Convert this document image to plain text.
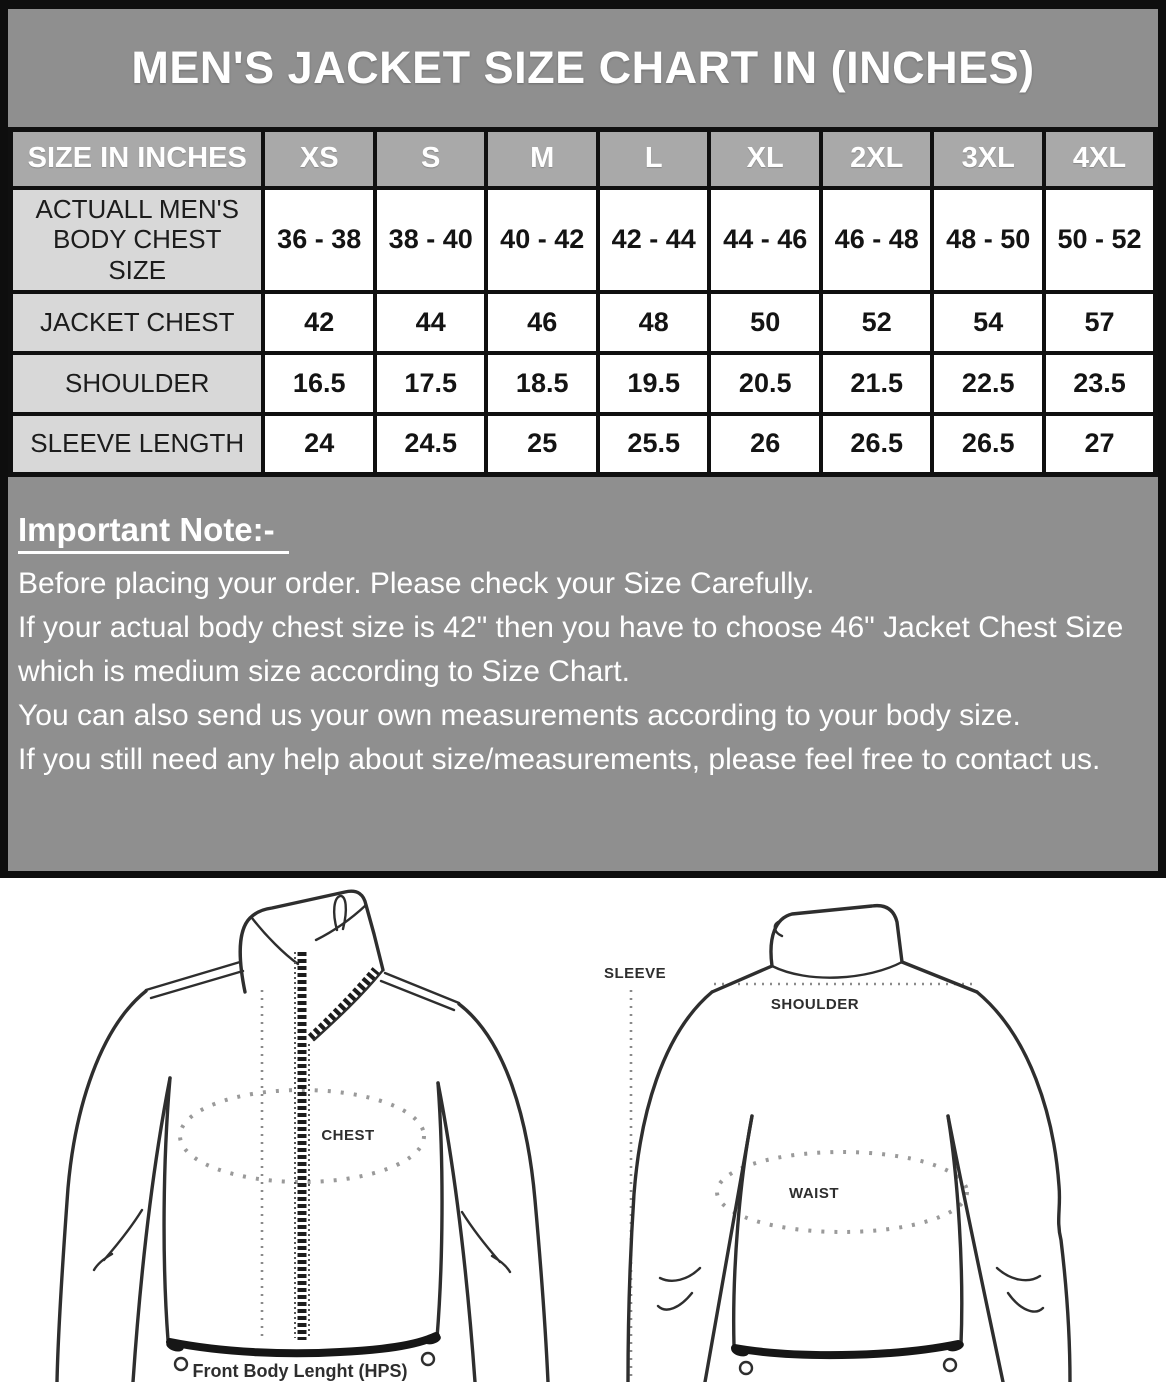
MEN'S JACKET SIZE CHART IN (INCHES)
SIZE IN INCHES	XS	S	M	L	XL	2XL	3XL	4XL
ACTUALL MEN'S BODY CHEST SIZE	36 - 38	38 - 40	40 - 42	42 - 44	44 - 46	46 - 48	48 - 50	50 - 52
JACKET CHEST	42	44	46	48	50	52	54	57
SHOULDER	16.5	17.5	18.5	19.5	20.5	21.5	22.5	23.5
SLEEVE LENGTH	24	24.5	25	25.5	26	26.5	26.5	27
Important Note:-

Before placing your order. Please check your Size Carefully.

If your actual body chest size is 42" then you have to choose 46" Jacket Chest Size which is medium size according to Size Chart.

You can also send us your own measurements according to your body size.

If you still need any help about size/measurements, please feel free to contact us.

CHEST
Front Body Lenght (HPS)
SLEEVE
SHOULDER
WAIST
